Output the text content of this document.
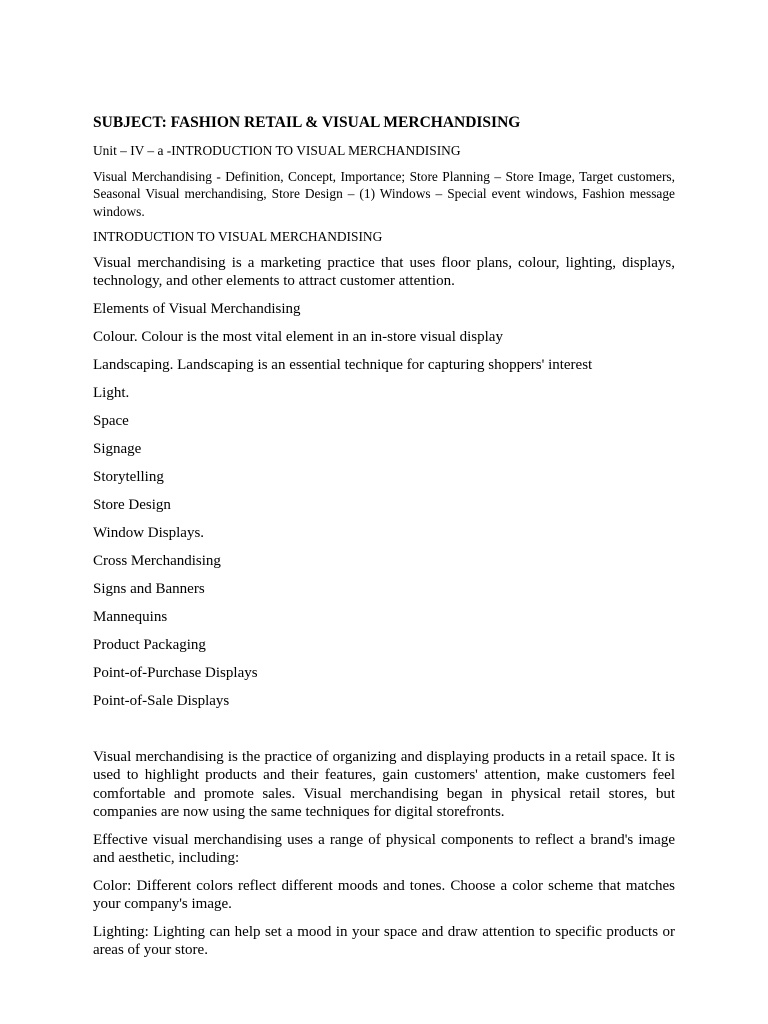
SUBJECT: FASHION RETAIL & VISUAL MERCHANDISING

Unit – IV – a -INTRODUCTION TO VISUAL MERCHANDISING

Visual Merchandising - Definition, Concept, Importance; Store Planning – Store Image, Target customers, Seasonal Visual merchandising, Store Design – (1) Windows – Special event windows, Fashion message windows.

INTRODUCTION TO VISUAL MERCHANDISING

Visual merchandising is a marketing practice that uses floor plans, colour, lighting, displays, technology, and other elements to attract customer attention.

Elements of Visual Merchandising

Colour. Colour is the most vital element in an in-store visual display

Landscaping. Landscaping is an essential technique for capturing shoppers' interest

Light.

Space

Signage

Storytelling

Store Design

Window Displays.

Cross Merchandising

Signs and Banners

Mannequins

Product Packaging

Point-of-Purchase Displays

Point-of-Sale Displays

Visual merchandising is the practice of organizing and displaying products in a retail space. It is used to highlight products and their features, gain customers' attention, make customers feel comfortable and promote sales. Visual merchandising began in physical retail stores, but companies are now using the same techniques for digital storefronts.

Effective visual merchandising uses a range of physical components to reflect a brand's image and aesthetic, including:

Color: Different colors reflect different moods and tones. Choose a color scheme that matches your company's image.

Lighting: Lighting can help set a mood in your space and draw attention to specific products or areas of your store.
